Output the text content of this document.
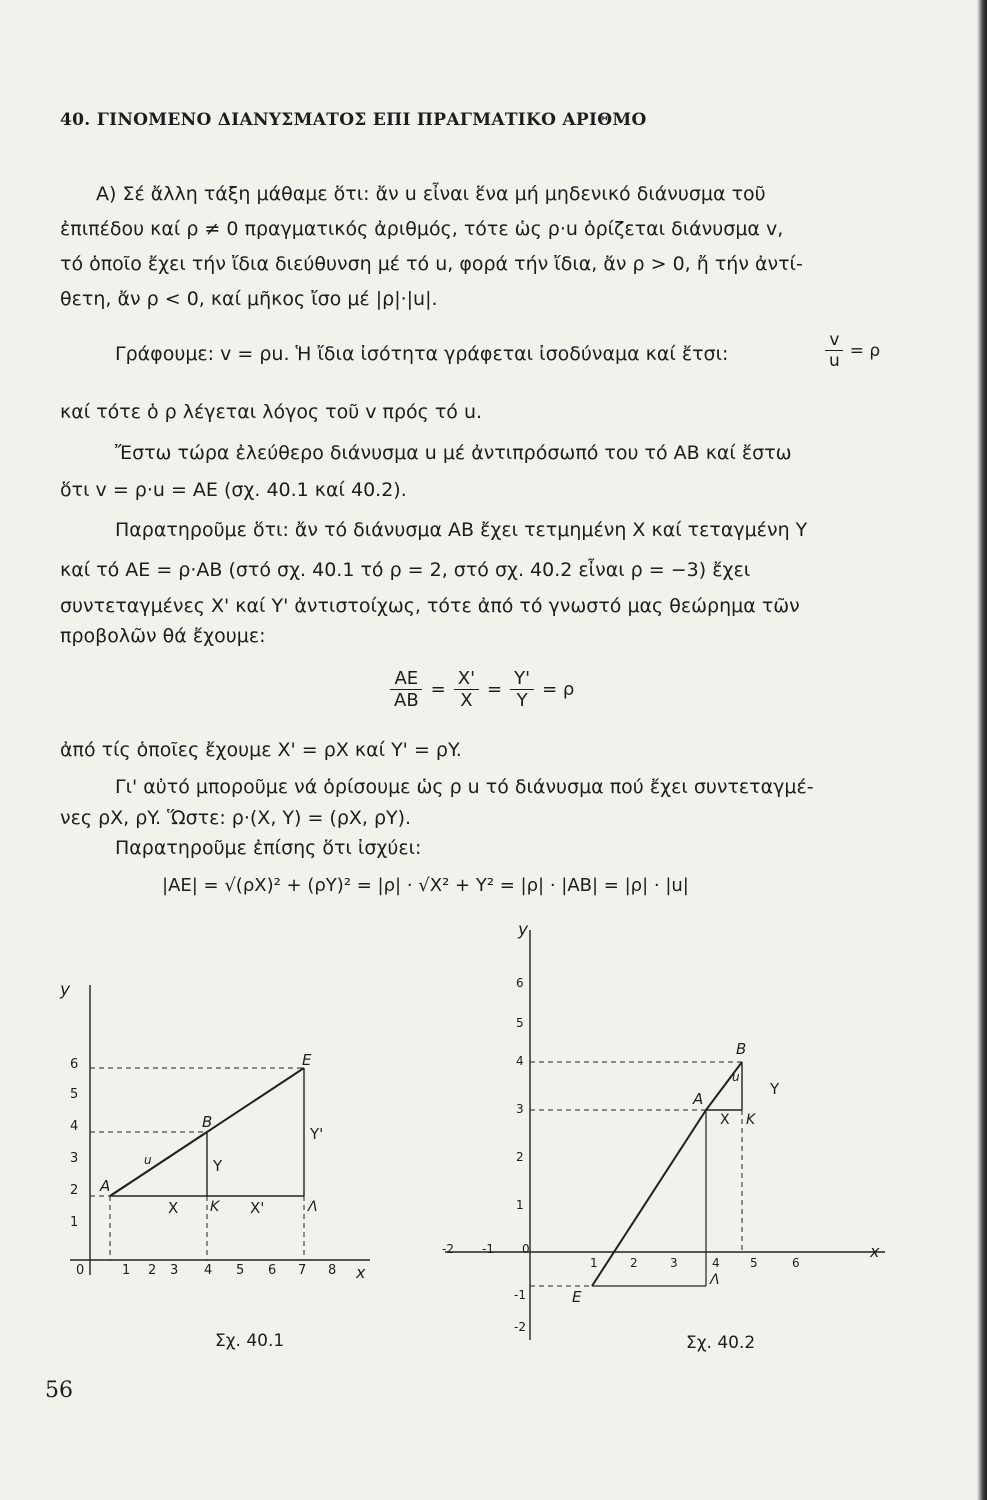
40. ΓΙΝΟΜΕΝΟ ΔΙΑΝΥΣΜΑΤΟΣ ΕΠΙ ΠΡΑΓΜΑΤΙΚΟ ΑΡΙΘΜΟ
Α) Σέ ἄλλη τάξη μάθαμε ὅτι: ἄν u εἶναι ἕνα μή μηδενικό διάνυσμα τοῦ
ἐπιπέδου καί ρ ≠ 0 πραγματικός ἀριθμός, τότε ὡς ρ·u ὁρίζεται διάνυσμα v,
τό ὁποῖο ἔχει τήν ἴδια διεύθυνση μέ τό u, φορά τήν ἴδια, ἄν ρ > 0, ἤ τήν ἀντί-
θετη, ἄν ρ < 0, καί μῆκος ἴσο μέ |ρ|·|u|.
Γράφουμε: v = ρu. Ἡ ἴδια ἰσότητα γράφεται ἰσοδύναμα καί ἔτσι:	$\frac{v}{u} = \rho$
καί τότε ὁ ρ λέγεται λόγος τοῦ v πρός τό u.
Ἔστω τώρα ἐλεύθερο διάνυσμα u μέ ἀντιπρόσωπό του τό AB καί ἔστω
ὅτι v = ρ·u = AE (σχ. 40.1 καί 40.2).
Παρατηροῦμε ὅτι: ἄν τό διάνυσμα AB ἔχει τετμημένη X καί τεταγμένη Y
καί τό AE = ρ·AB (στό σχ. 40.1 τό ρ = 2, στό σχ. 40.2 εἶναι ρ = −3) ἔχει
συντεταγμένες X' καί Y' ἀντιστοίχως, τότε ἀπό τό γνωστό μας θεώρημα τῶν
προβολῶν θά ἔχουμε:
$\frac{AE}{AB} = \frac{X'}{X} = \frac{Y'}{Y} = \rho$
ἀπό τίς ὁποῖες ἔχουμε X' = ρX καί Y' = ρY.
Γι' αὐτό μποροῦμε νά ὁρίσουμε ὡς ρ u τό διάνυσμα πού ἔχει συντεταγμέ-
νες ρX, ρY. Ὥστε: ρ·(X, Y) = (ρX, ρY).
Παρατηροῦμε ἐπίσης ὅτι ἰσχύει:
|AE| = √(ρX)² + (ρY)² = |ρ| · √X² + Y² = |ρ| · |AB| = |ρ| · |u|
y
x
0	1 2 3 4 5 6 7 8
1
2
3
4
5
6
A
B
E
K	Λ
X
Y
X'
Y'
u
Σχ. 40.1
y
x
-2 -1 0
1	2	3	4	5	6
-2
-1
1
2
3
4
5
6
A
B
E
K
Λ
X
Y
u
Σχ. 40.2
56
